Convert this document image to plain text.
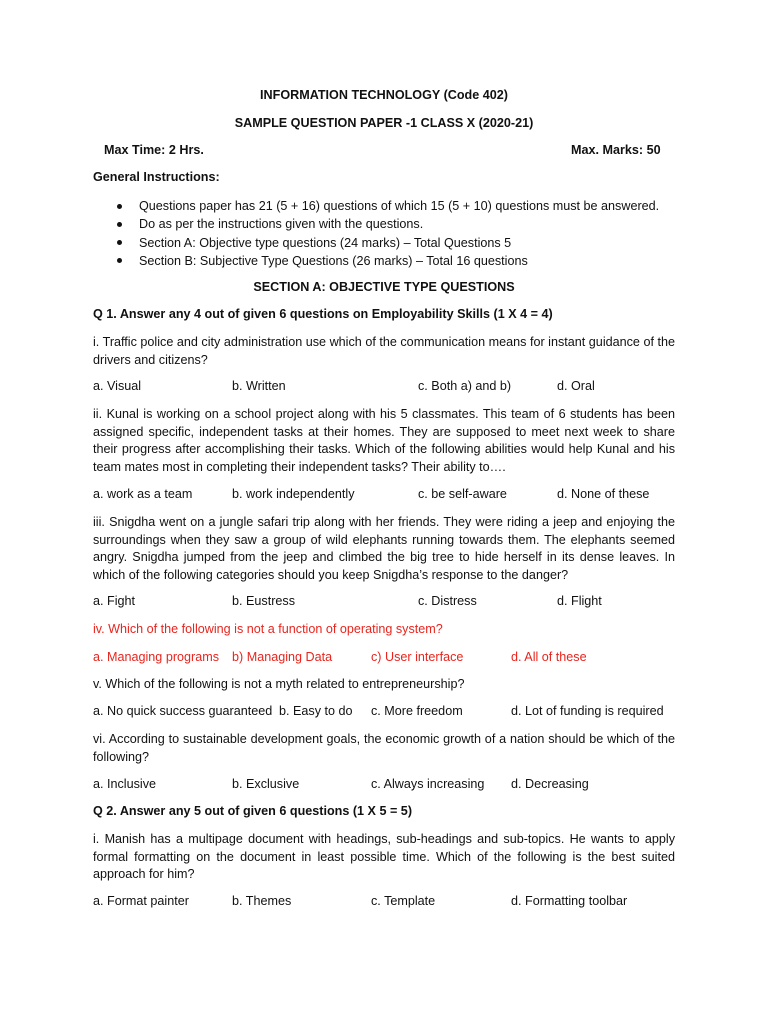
INFORMATION TECHNOLOGY (Code 402)
SAMPLE QUESTION PAPER -1 CLASS X (2020-21)
Max Time: 2 Hrs.	Max. Marks: 50
General Instructions:
Questions paper has 21 (5 + 16) questions of which 15 (5 + 10) questions must be answered.
Do as per the instructions given with the questions.
Section A: Objective type questions (24 marks) – Total Questions 5
Section B: Subjective Type Questions (26 marks) – Total 16 questions
SECTION A: OBJECTIVE TYPE QUESTIONS
Q 1. Answer any 4 out of given 6 questions on Employability Skills (1 X 4 = 4)

i. Traffic police and city administration use which of the communication means for instant guidance of the drivers and citizens?

a. Visual	b. Written	c. Both a) and b)	d. Oral

ii. Kunal is working on a school project along with his 5 classmates. This team of 6 students has been assigned specific, independent tasks at their homes. They are supposed to meet next week to share their progress after accomplishing their tasks. Which of the following abilities would help Kunal and his team mates most in completing their independent tasks? Their ability to….

a. work as a team	b. work independently	c. be self-aware	d. None of these

iii. Snigdha went on a jungle safari trip along with her friends. They were riding a jeep and enjoying the surroundings when they saw a group of wild elephants running towards them. The elephants seemed angry. Snigdha jumped from the jeep and climbed the big tree to hide herself in its dense leaves. In which of the following categories should you keep Snigdha’s response to the danger?

a. Fight	b. Eustress	c. Distress	d. Flight
iv. Which of the following is not a function of operating system?
a. Managing programs b) Managing Data	c) User interface	d. All of these
v. Which of the following is not a myth related to entrepreneurship?
a. No quick success guaranteed b. Easy to do c. More freedom	d. Lot of funding is required

vi. According to sustainable development goals, the economic growth of a nation should be which of the following?

a. Inclusive	b. Exclusive	c. Always increasing d. Decreasing
Q 2. Answer any 5 out of given 6 questions (1 X 5 = 5)

i. Manish has a multipage document with headings, sub-headings and sub-topics. He wants to apply formal formatting on the document in least possible time. Which of the following is the best suited approach for him?

a. Format painter	b. Themes	c. Template	d. Formatting toolbar
